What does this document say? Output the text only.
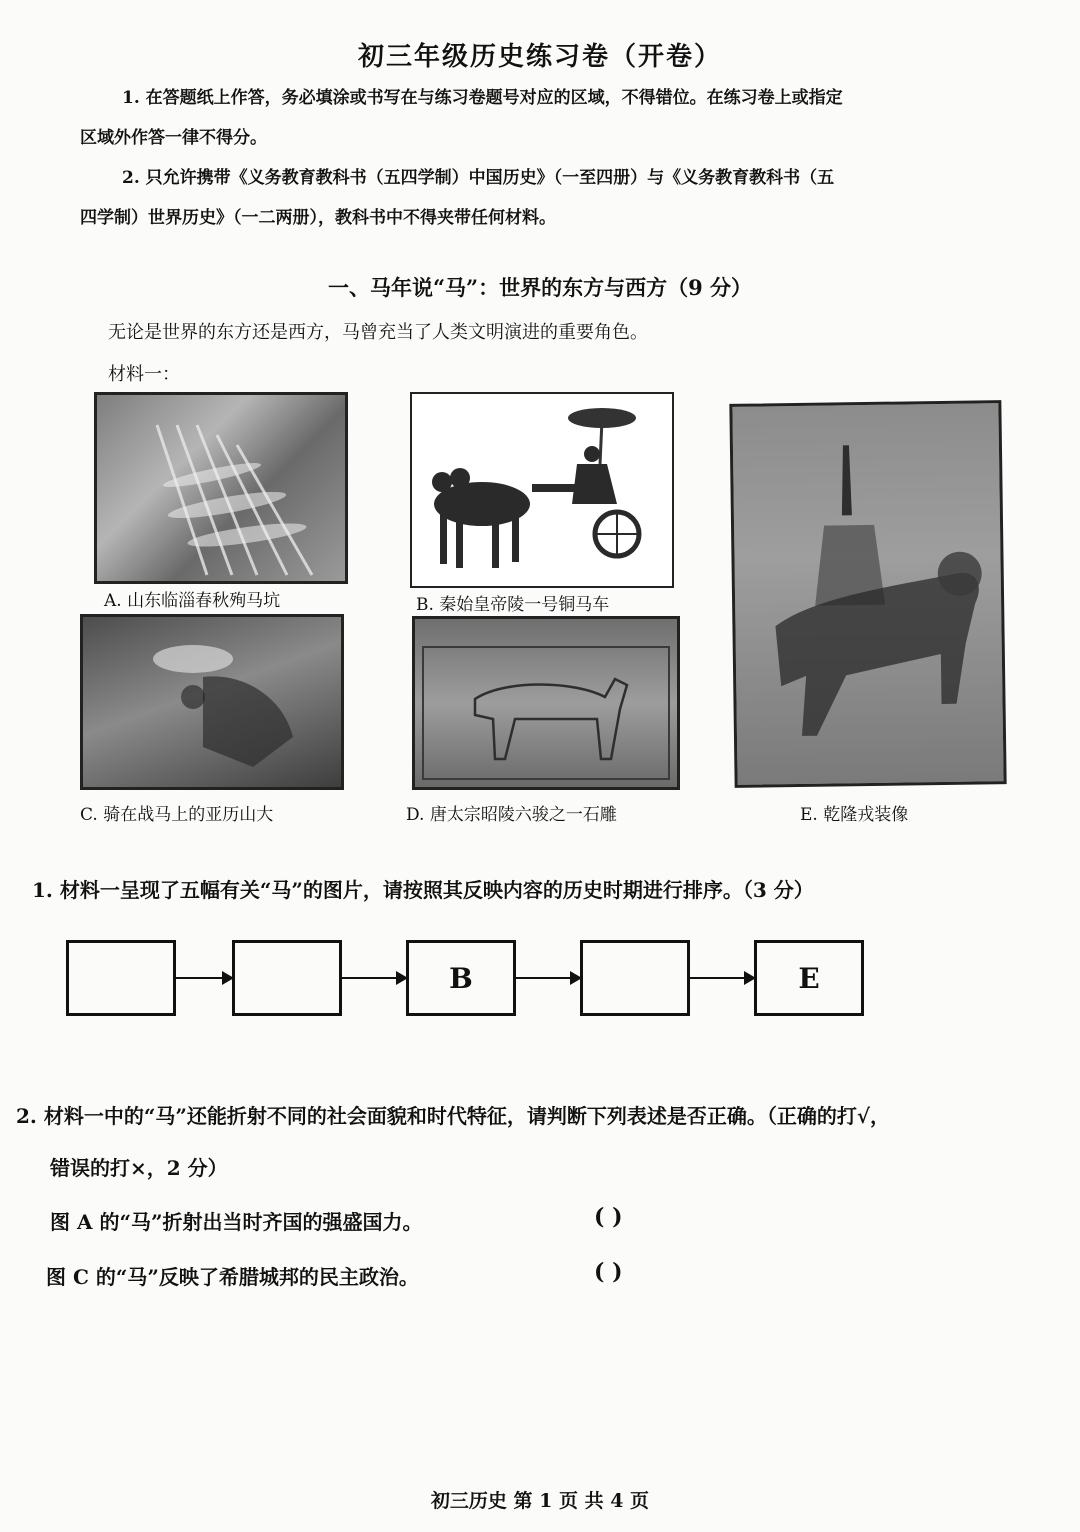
初三年级历史练习卷（开卷）
1. 在答题纸上作答，务必填涂或书写在与练习卷题号对应的区域，不得错位。在练习卷上或指定
区域外作答一律不得分。
2. 只允许携带《义务教育教科书（五四学制）中国历史》（一至四册）与《义务教育教科书（五
四学制）世界历史》（一二两册），教科书中不得夹带任何材料。
一、马年说“马”：世界的东方与西方（9 分）
无论是世界的东方还是西方，马曾充当了人类文明演进的重要角色。
材料一：
A. 山东临淄春秋殉马坑	B. 秦始皇帝陵一号铜马车
C. 骑在战马上的亚历山大	D. 唐太宗昭陵六骏之一石雕	E. 乾隆戎装像
1. 材料一呈现了五幅有关“马”的图片，请按照其反映内容的历史时期进行排序。（3 分）
B	E
2. 材料一中的“马”还能折射不同的社会面貌和时代特征，请判断下列表述是否正确。（正确的打√，
错误的打×，2 分）
图 A 的“马”折射出当时齐国的强盛国力。	( )
图 C 的“马”反映了希腊城邦的民主政治。	( )
初三历史 第 1 页 共 4 页
